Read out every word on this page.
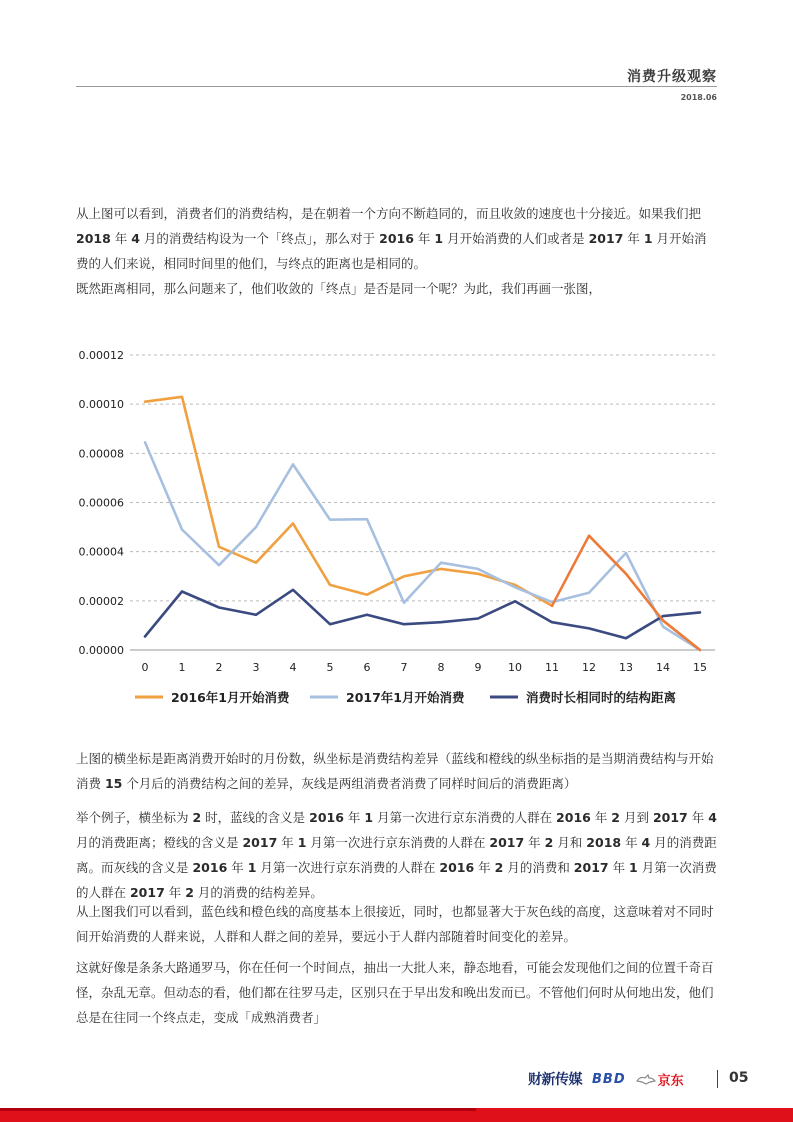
消费升级观察
2018.06

从上图可以看到，消费者们的消费结构，是在朝着一个方向不断趋同的，而且收敛的速度也十分接近。如果我们把 2018 年 4 月的消费结构设为一个「终点」，那么对于 2016 年 1 月开始消费的人们或者是 2017 年 1 月开始消费的人们来说，相同时间里的他们，与终点的距离也是相同的。

既然距离相同，那么问题来了，他们收敛的「终点」是否是同一个呢？为此，我们再画一张图，

0.00000
0.00002
0.00004
0.00006
0.00008
0.00010
0.00012
0	1	2	3	4	5	6	7	8	9 10 11 12 13 14 15
2016年1月开始消费	2017年1月开始消费	消费时长相同时的结构距离

上图的横坐标是距离消费开始时的月份数，纵坐标是消费结构差异（蓝线和橙线的纵坐标指的是当期消费结构与开始消费 15 个月后的消费结构之间的差异，灰线是两组消费者消费了同样时间后的消费距离）

举个例子，横坐标为 2 时，蓝线的含义是 2016 年 1 月第一次进行京东消费的人群在 2016 年 2 月到 2017 年 4 月的消费距离；橙线的含义是 2017 年 1 月第一次进行京东消费的人群在 2017 年 2 月和 2018 年 4 月的消费距离。而灰线的含义是 2016 年 1 月第一次进行京东消费的人群在 2016 年 2 月的消费和 2017 年 1 月第一次消费的人群在 2017 年 2 月的消费的结构差异。

从上图我们可以看到，蓝色线和橙色线的高度基本上很接近，同时，也都显著大于灰色线的高度，这意味着对不同时间开始消费的人群来说，人群和人群之间的差异，要远小于人群内部随着时间变化的差异。

这就好像是条条大路通罗马，你在任何一个时间点，抽出一大批人来，静态地看，可能会发现他们之间的位置千奇百怪，杂乱无章。但动态的看，他们都在往罗马走，区别只在于早出发和晚出发而已。不管他们何时从何地出发，他们总是在往同一个终点走，变成「成熟消费者」

财新传媒 BBD 京东	05
